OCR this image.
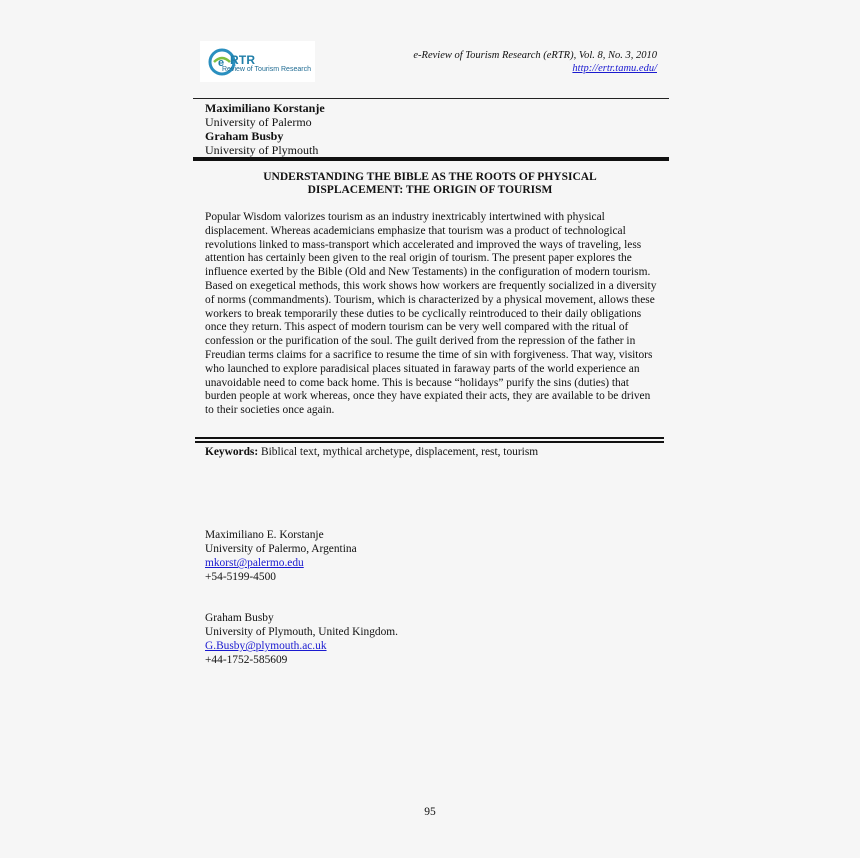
e RTR
Review of Tourism Research
e-Review of Tourism Research (eRTR), Vol. 8, No. 3, 2010
http://ertr.tamu.edu/
Maximiliano Korstanje
University of Palermo
Graham Busby
University of Plymouth
UNDERSTANDING THE BIBLE AS THE ROOTS OF PHYSICAL
DISPLACEMENT: THE ORIGIN OF TOURISM
Popular Wisdom valorizes tourism as an industry inextricably intertwined with physical displacement. Whereas academicians emphasize that tourism was a product of technological revolutions linked to mass-transport which accelerated and improved the ways of traveling, less attention has certainly been given to the real origin of tourism. The present paper explores the influence exerted by the Bible (Old and New Testaments) in the configuration of modern tourism. Based on exegetical methods, this work shows how workers are frequently socialized in a diversity of norms (commandments). Tourism, which is characterized by a physical movement, allows these workers to break temporarily these duties to be cyclically reintroduced to their daily obligations once they return. This aspect of modern tourism can be very well compared with the ritual of confession or the purification of the soul. The guilt derived from the repression of the father in Freudian terms claims for a sacrifice to resume the time of sin with forgiveness. That way, visitors who launched to explore paradisical places situated in faraway parts of the world experience an unavoidable need to come back home. This is because “holidays” purify the sins (duties) that burden people at work whereas, once they have expiated their acts, they are available to be driven to their societies once again.
Keywords: Biblical text, mythical archetype, displacement, rest, tourism
Maximiliano E. Korstanje
University of Palermo, Argentina
mkorst@palermo.edu
+54-5199-4500
Graham Busby
University of Plymouth, United Kingdom.
G.Busby@plymouth.ac.uk
+44-1752-585609
95
